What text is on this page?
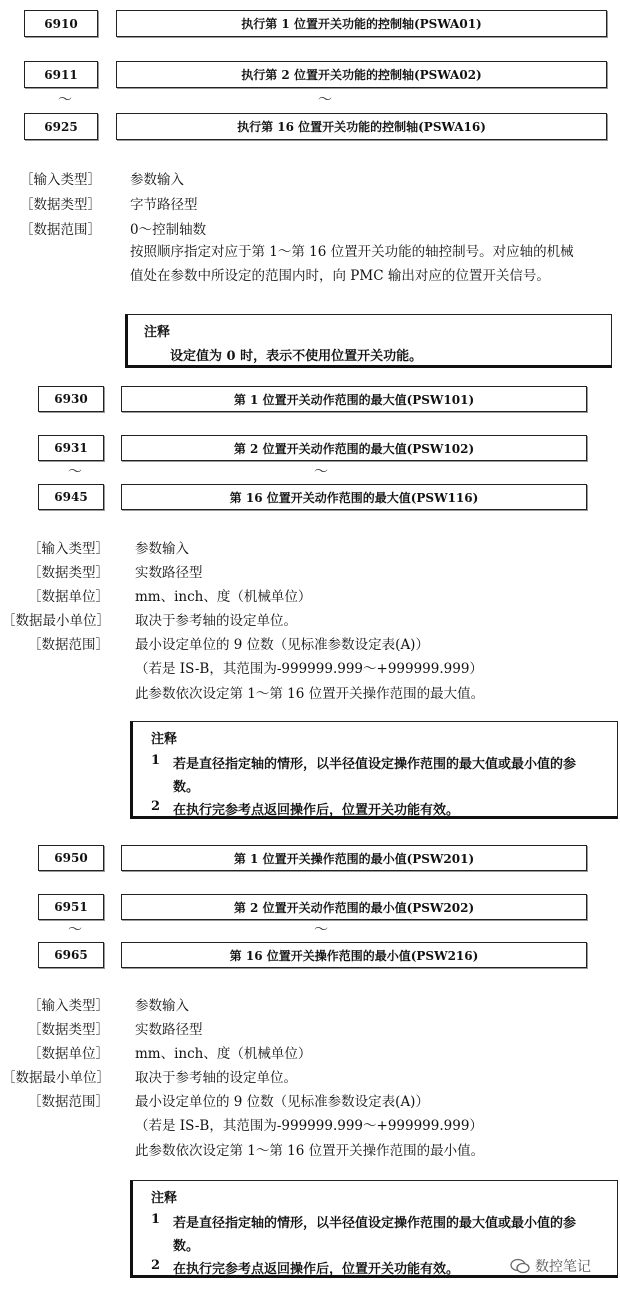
6910	执行第 1 位置开关功能的控制轴(PSWA01)
6911	执行第 2 位置开关功能的控制轴(PSWA02)
～	～
6925	执行第 16 位置开关功能的控制轴(PSWA16)
［输入类型］ 参数输入
［数据类型］ 字节路径型
［数据范围］ 0～控制轴数
按照顺序指定对应于第 1～第 16 位置开关功能的轴控制号。对应轴的机械
值处在参数中所设定的范围内时，向 PMC 输出对应的位置开关信号。
注释
设定值为 0 时，表示不使用位置开关功能。
6930	第 1 位置开关动作范围的最大值(PSW101)
6931	第 2 位置开关动作范围的最大值(PSW102)
～	～
6945	第 16 位置开关动作范围的最大值(PSW116)
［输入类型］ 参数输入
［数据类型］ 实数路径型
［数据单位］ mm、inch、度（机械单位）
［数据最小单位］ 取决于参考轴的设定单位。
［数据范围］ 最小设定单位的 9 位数（见标准参数设定表(A)）
（若是 IS-B，其范围为-999999.999～+999999.999）
此参数依次设定第 1～第 16 位置开关操作范围的最大值。
注释
1 若是直径指定轴的情形，以半径值设定操作范围的最大值或最小值的参
数。
2 在执行完参考点返回操作后，位置开关功能有效。
6950	第 1 位置开关操作范围的最小值(PSW201)
6951	第 2 位置开关动作范围的最小值(PSW202)
～	～
6965	第 16 位置开关操作范围的最小值(PSW216)
［输入类型］ 参数输入
［数据类型］ 实数路径型
［数据单位］ mm、inch、度（机械单位）
［数据最小单位］ 取决于参考轴的设定单位。
［数据范围］ 最小设定单位的 9 位数（见标准参数设定表(A)）
（若是 IS-B，其范围为-999999.999～+999999.999）
此参数依次设定第 1～第 16 位置开关操作范围的最小值。
注释
1 若是直径指定轴的情形，以半径值设定操作范围的最大值或最小值的参
数。
2 在执行完参考点返回操作后，位置开关功能有效。	数控笔记
